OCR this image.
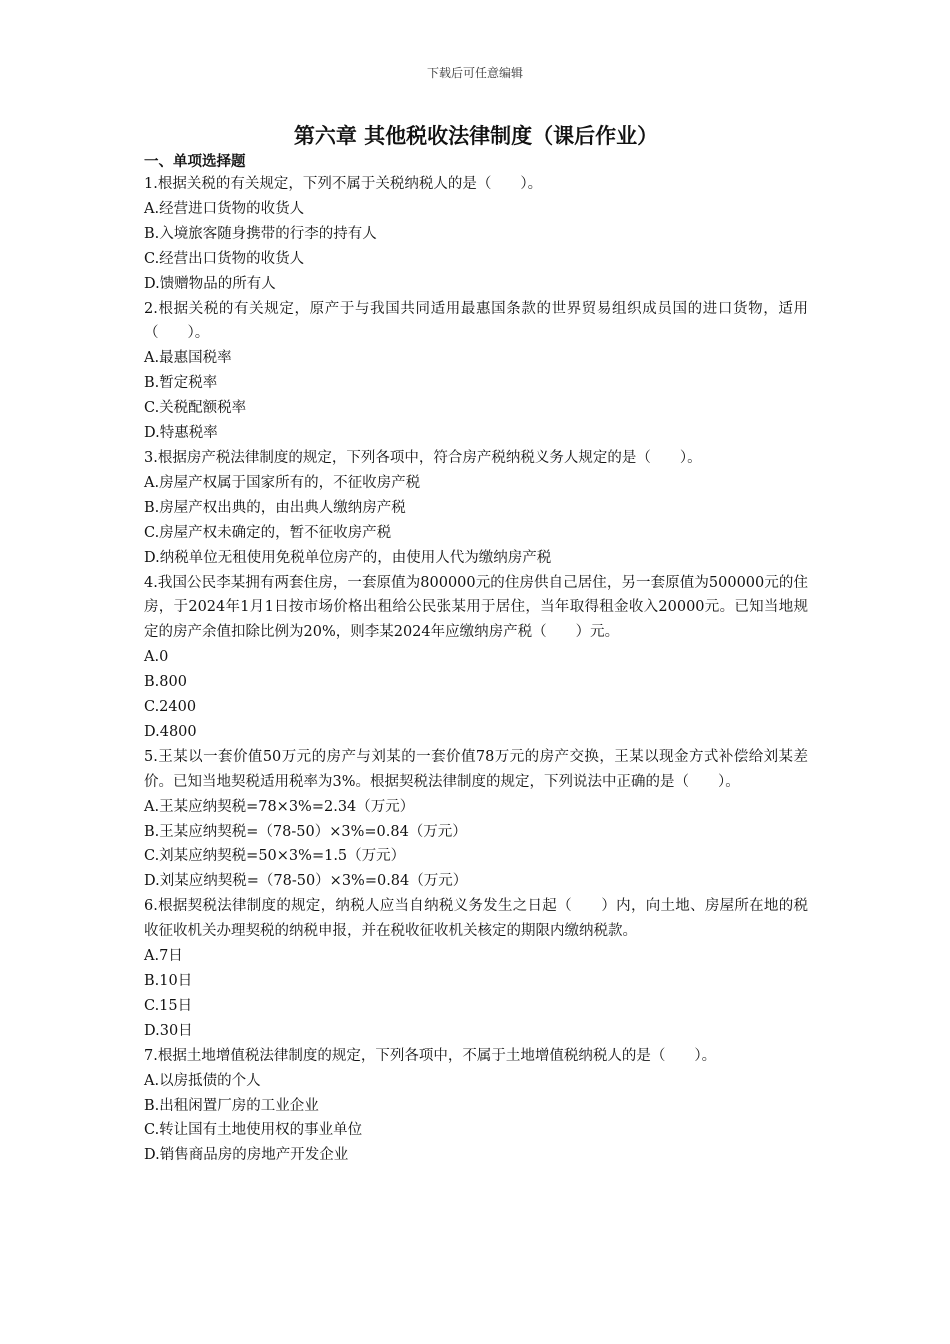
下载后可任意编辑
第六章 其他税收法律制度（课后作业）

一、单项选择题

1.根据关税的有关规定，下列不属于关税纳税人的是（　　）。

A.经营进口货物的收货人

B.入境旅客随身携带的行李的持有人

C.经营出口货物的收货人

D.馈赠物品的所有人

2.根据关税的有关规定，原产于与我国共同适用最惠国条款的世界贸易组织成员国的进口货物，适用（　　）。

A.最惠国税率

B.暂定税率

C.关税配额税率

D.特惠税率

3.根据房产税法律制度的规定，下列各项中，符合房产税纳税义务人规定的是（　　）。

A.房屋产权属于国家所有的，不征收房产税

B.房屋产权出典的，由出典人缴纳房产税

C.房屋产权未确定的，暂不征收房产税

D.纳税单位无租使用免税单位房产的，由使用人代为缴纳房产税

4.我国公民李某拥有两套住房，一套原值为800000元的住房供自己居住，另一套原值为500000元的住房，于2024年1月1日按市场价格出租给公民张某用于居住，当年取得租金收入20000元。已知当地规定的房产余值扣除比例为20%，则李某2024年应缴纳房产税（　　）元。

A.0

B.800

C.2400

D.4800

5.王某以一套价值50万元的房产与刘某的一套价值78万元的房产交换，王某以现金方式补偿给刘某差价。已知当地契税适用税率为3%。根据契税法律制度的规定，下列说法中正确的是（　　）。

A.王某应纳契税=78×3%=2.34（万元）

B.王某应纳契税=（78-50）×3%=0.84（万元）

C.刘某应纳契税=50×3%=1.5（万元）

D.刘某应纳契税=（78-50）×3%=0.84（万元）

6.根据契税法律制度的规定，纳税人应当自纳税义务发生之日起（　　）内，向土地、房屋所在地的税收征收机关办理契税的纳税申报，并在税收征收机关核定的期限内缴纳税款。

A.7日

B.10日

C.15日

D.30日

7.根据土地增值税法律制度的规定，下列各项中，不属于土地增值税纳税人的是（　　）。

A.以房抵债的个人

B.出租闲置厂房的工业企业

C.转让国有土地使用权的事业单位

D.销售商品房的房地产开发企业
